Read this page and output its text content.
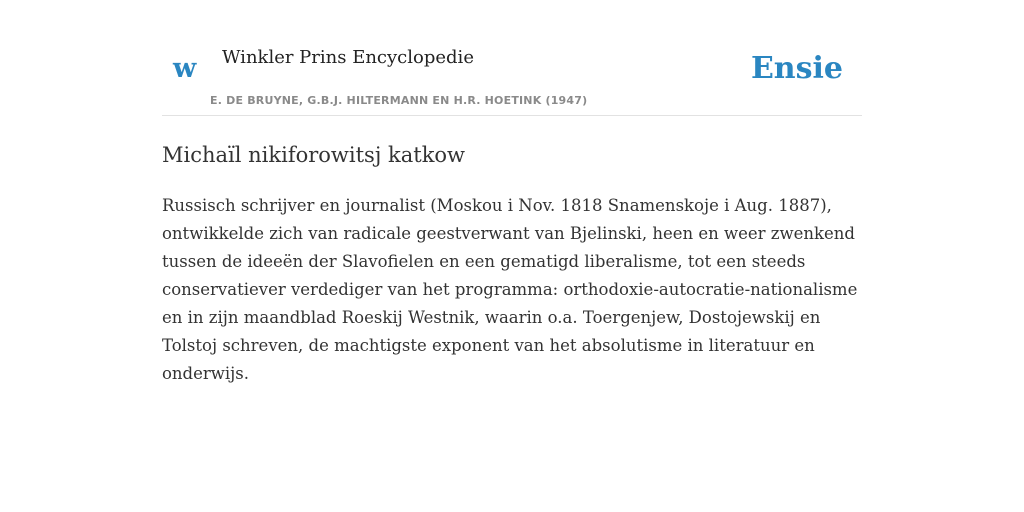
w Winkler Prins Encyclopedie
E. DE BRUYNE, G.B.J. HILTERMANN EN H.R. HOETINK (1947)
Ensie
Michaïl nikiforowitsj katkow

Russisch schrijver en journalist (Moskou i Nov. 1818 Snamenskoje i Aug. 1887), ontwikkelde zich van radicale geestverwant van Bjelinski, heen en weer zwenkend tussen de ideeën der Slavofielen en een gematigd liberalisme, tot een steeds conservatiever verdediger van het programma: orthodoxie-autocratie-nationalisme en in zijn maandblad Roeskij Westnik, waarin o.a. Toergenjew, Dostojewskij en Tolstoj schreven, de machtigste exponent van het absolutisme in literatuur en onderwijs.
